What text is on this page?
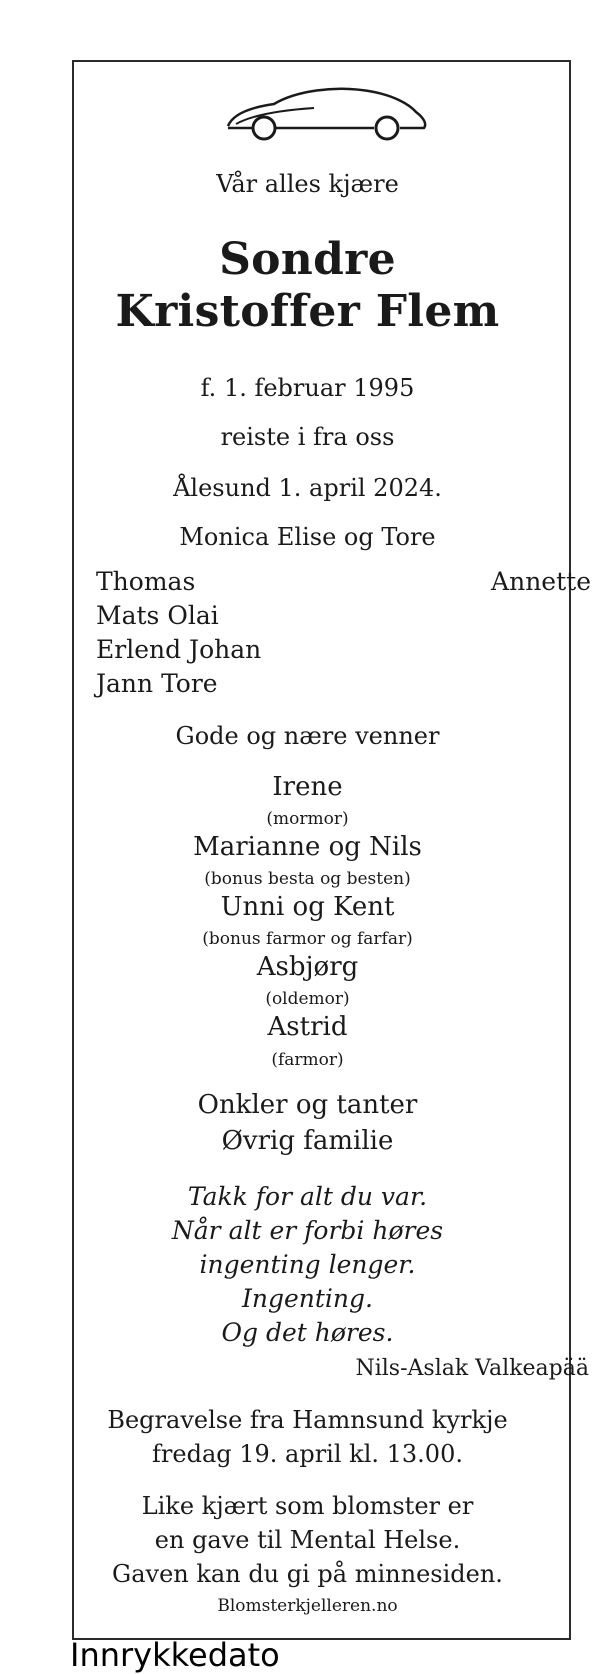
Vår alles kjære
Sondre
Kristoffer Flem
f. 1. februar 1995
reiste i fra oss
Ålesund 1. april 2024.
Monica Elise og Tore
Thomas
Mats Olai
Erlend Johan
Jann Tore
Annette
Gode og nære venner
Irene
(mormor)
Marianne og Nils
(bonus besta og besten)
Unni og Kent
(bonus farmor og farfar)
Asbjørg
(oldemor)
Astrid
(farmor)
Onkler og tanter
Øvrig familie
Takk for alt du var.
Når alt er forbi høres
ingenting lenger.
Ingenting.
Og det høres.
Nils-Aslak Valkeapää
Begravelse fra Hamnsund kyrkje
fredag 19. april kl. 13.00.
Like kjært som blomster er
en gave til Mental Helse.
Gaven kan du gi på minnesiden.
Blomsterkjelleren.no
Innrykkedato
